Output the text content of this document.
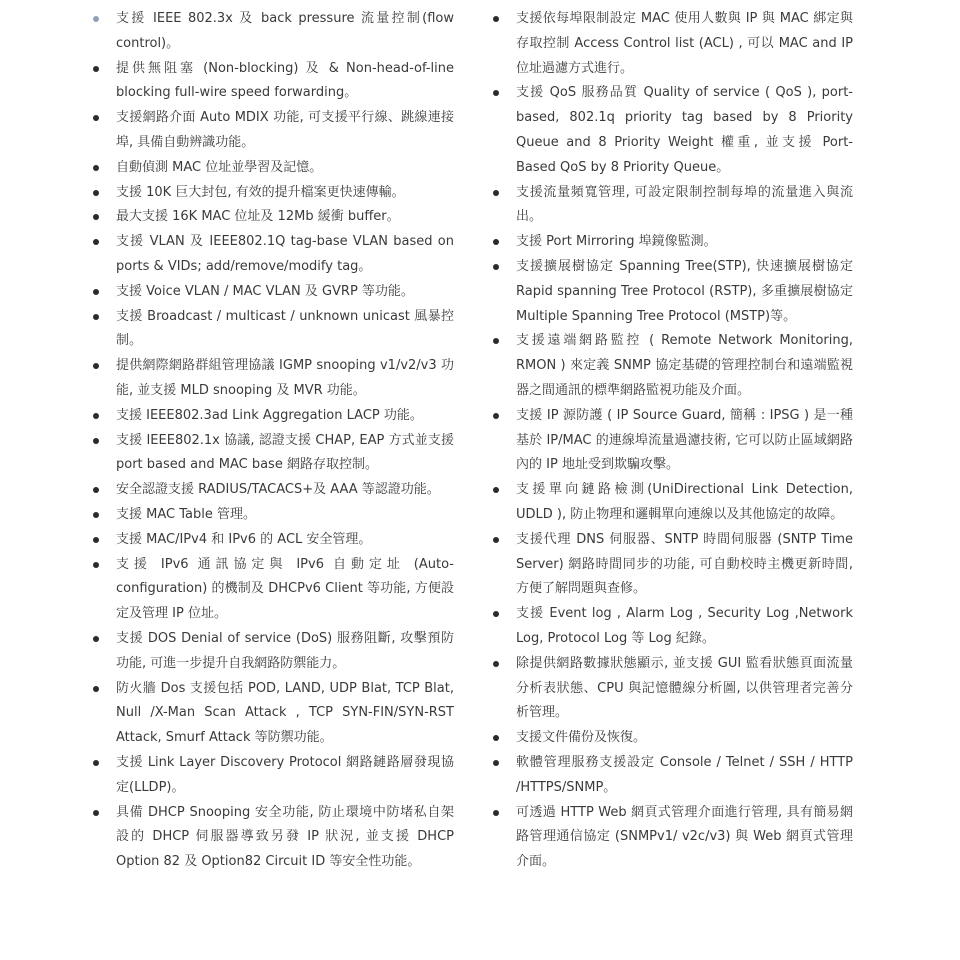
支援 IEEE 802.3x 及 back pressure 流量控制(flow control)。
提供無阻塞 (Non-blocking) 及 & Non-head-of-line blocking full-wire speed forwarding。
支援網路介面 Auto MDIX 功能, 可支援平行線、跳線連接埠, 具備自動辨識功能。
自動偵測 MAC 位址並學習及記憶。
支援 10K 巨大封包, 有效的提升檔案更快速傳輸。
最大支援 16K MAC 位址及 12Mb 緩衝 buffer。
支援 VLAN 及 IEEE802.1Q tag-base VLAN based on ports & VIDs; add/remove/modify tag。
支援 Voice VLAN / MAC VLAN 及 GVRP 等功能。
支援 Broadcast / multicast / unknown unicast 風暴控制。
提供網際網路群組管理協議 IGMP snooping v1/v2/v3 功能, 並支援 MLD snooping 及 MVR 功能。
支援 IEEE802.3ad Link Aggregation LACP 功能。
支援 IEEE802.1x 協議, 認證支援 CHAP, EAP 方式並支援 port based and MAC base 網路存取控制。
安全認證支援 RADIUS/TACACS+及 AAA 等認證功能。
支援 MAC Table 管理。
支援 MAC/IPv4 和 IPv6 的 ACL 安全管理。
支援 IPv6 通訊協定與 IPv6 自動定址 (Auto-configuration) 的機制及 DHCPv6 Client 等功能, 方便設定及管理 IP 位址。
支援 DOS Denial of service (DoS) 服務阻斷, 攻擊預防功能, 可進一步提升自我網路防禦能力。
防火牆 Dos 支援包括 POD, LAND, UDP Blat, TCP Blat, Null /X-Man Scan Attack , TCP SYN-FIN/SYN-RST Attack, Smurf Attack 等防禦功能。
支援 Link Layer Discovery Protocol 網路鏈路層發現協定(LLDP)。
具備 DHCP Snooping 安全功能, 防止環境中防堵私自架設的 DHCP 伺服器導致另發 IP 狀況, 並支援 DHCP Option 82 及 Option82 Circuit ID 等安全性功能。
支援依每埠限制設定 MAC 使用人數與 IP 與 MAC 綁定與存取控制 Access Control list (ACL) , 可以 MAC and IP 位址過濾方式進行。
支援 QoS 服務品質 Quality of service ( QoS ), port-based, 802.1q priority tag based by 8 Priority Queue and 8 Priority Weight 權重, 並支援 Port- Based QoS by 8 Priority Queue。
支援流量頻寬管理, 可設定限制控制每埠的流量進入與流出。
支援 Port Mirroring 埠鏡像監測。
支援擴展樹協定 Spanning Tree(STP), 快速擴展樹協定 Rapid spanning Tree Protocol (RSTP), 多重擴展樹協定 Multiple Spanning Tree Protocol (MSTP)等。
支援遠端網路監控 ( Remote Network Monitoring, RMON ) 來定義 SNMP 協定基礎的管理控制台和遠端監視器之間通訊的標準網路監視功能及介面。
支援 IP 源防護 ( IP Source Guard, 簡稱 : IPSG ) 是一種基於 IP/MAC 的連線埠流量過濾技術, 它可以防止區域網路內的 IP 地址受到欺騙攻擊。
支援單向鏈路檢測(UniDirectional Link Detection, UDLD ), 防止物理和邏輯單向連線以及其他協定的故障。
支援代理 DNS 伺服器、SNTP 時間伺服器 (SNTP Time Server) 網路時間同步的功能, 可自動校時主機更新時間, 方便了解問題與查修。
支援 Event log , Alarm Log , Security Log ,Network Log, Protocol Log 等 Log 紀錄。
除提供網路數據狀態顯示, 並支援 GUI 監看狀態頁面流量分析表狀態、CPU 與記憶體線分析圖, 以供管理者完善分析管理。
支援文件備份及恢復。
軟體管理服務支援設定 Console / Telnet / SSH / HTTP /HTTPS/SNMP。
可透過 HTTP Web 網頁式管理介面進行管理, 具有簡易網路管理通信協定 (SNMPv1/ v2c/v3) 與 Web 網頁式管理介面。
